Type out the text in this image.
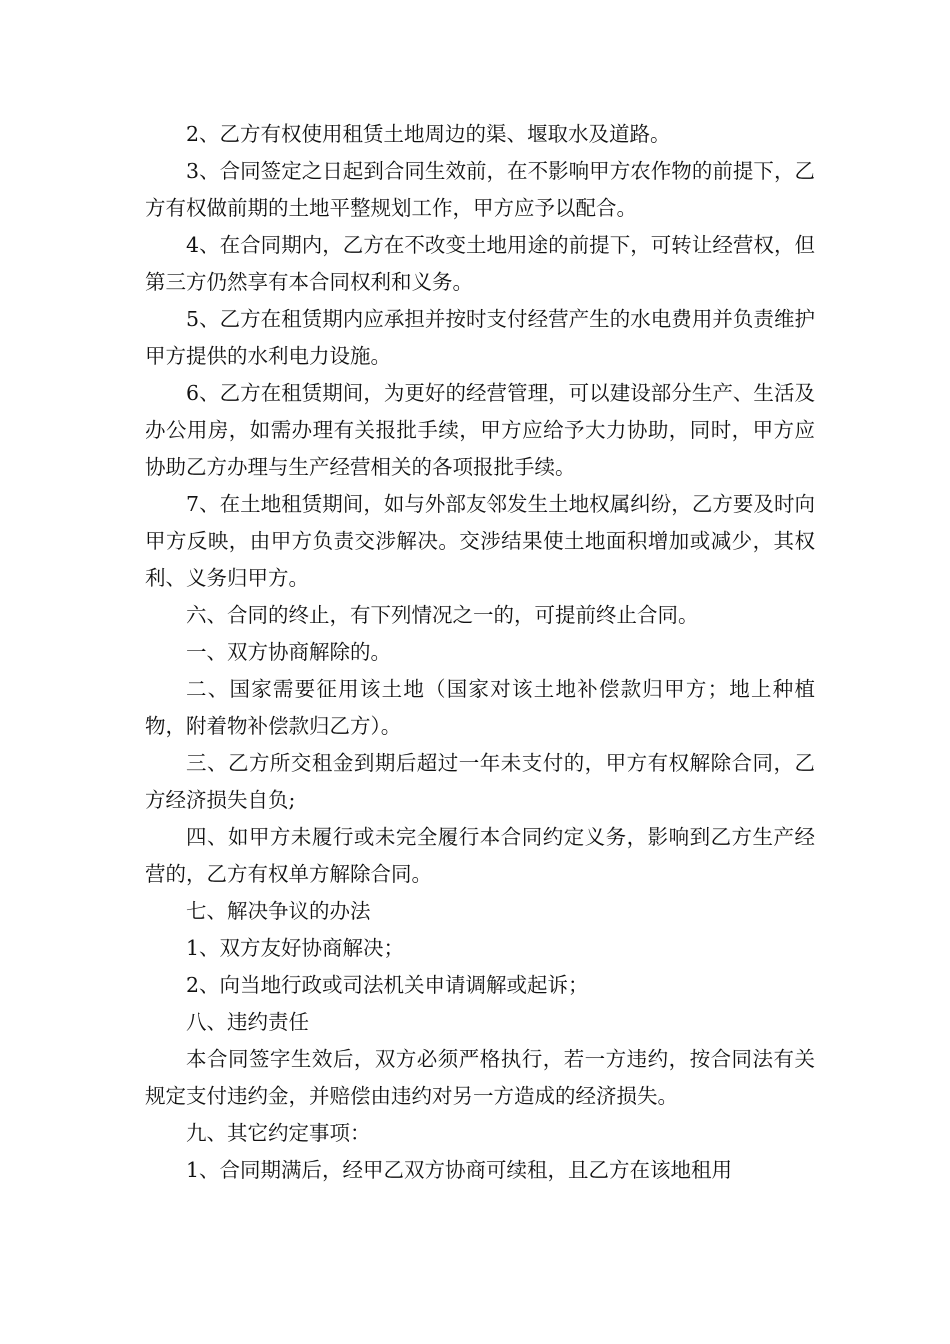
2、乙方有权使用租赁土地周边的渠、堰取水及道路。

3、合同签定之日起到合同生效前，在不影响甲方农作物的前提下，乙方有权做前期的土地平整规划工作，甲方应予以配合。

4、在合同期内，乙方在不改变土地用途的前提下，可转让经营权，但第三方仍然享有本合同权利和义务。

5、乙方在租赁期内应承担并按时支付经营产生的水电费用并负责维护甲方提供的水利电力设施。

6、乙方在租赁期间，为更好的经营管理，可以建设部分生产、生活及办公用房，如需办理有关报批手续，甲方应给予大力协助，同时，甲方应协助乙方办理与生产经营相关的各项报批手续。

7、在土地租赁期间，如与外部友邻发生土地权属纠纷，乙方要及时向甲方反映，由甲方负责交涉解决。交涉结果使土地面积增加或减少，其权利、义务归甲方。

六、合同的终止，有下列情况之一的，可提前终止合同。

一、双方协商解除的。

二、国家需要征用该土地（国家对该土地补偿款归甲方；地上种植物，附着物补偿款归乙方）。

三、乙方所交租金到期后超过一年未支付的，甲方有权解除合同，乙方经济损失自负;

四、如甲方未履行或未完全履行本合同约定义务，影响到乙方生产经营的，乙方有权单方解除合同。

七、解决争议的办法

1、双方友好协商解决；

2、向当地行政或司法机关申请调解或起诉；

八、违约责任

本合同签字生效后，双方必须严格执行，若一方违约，按合同法有关规定支付违约金，并赔偿由违约对另一方造成的经济损失。

九、其它约定事项：

1、合同期满后，经甲乙双方协商可续租，且乙方在该地租用
